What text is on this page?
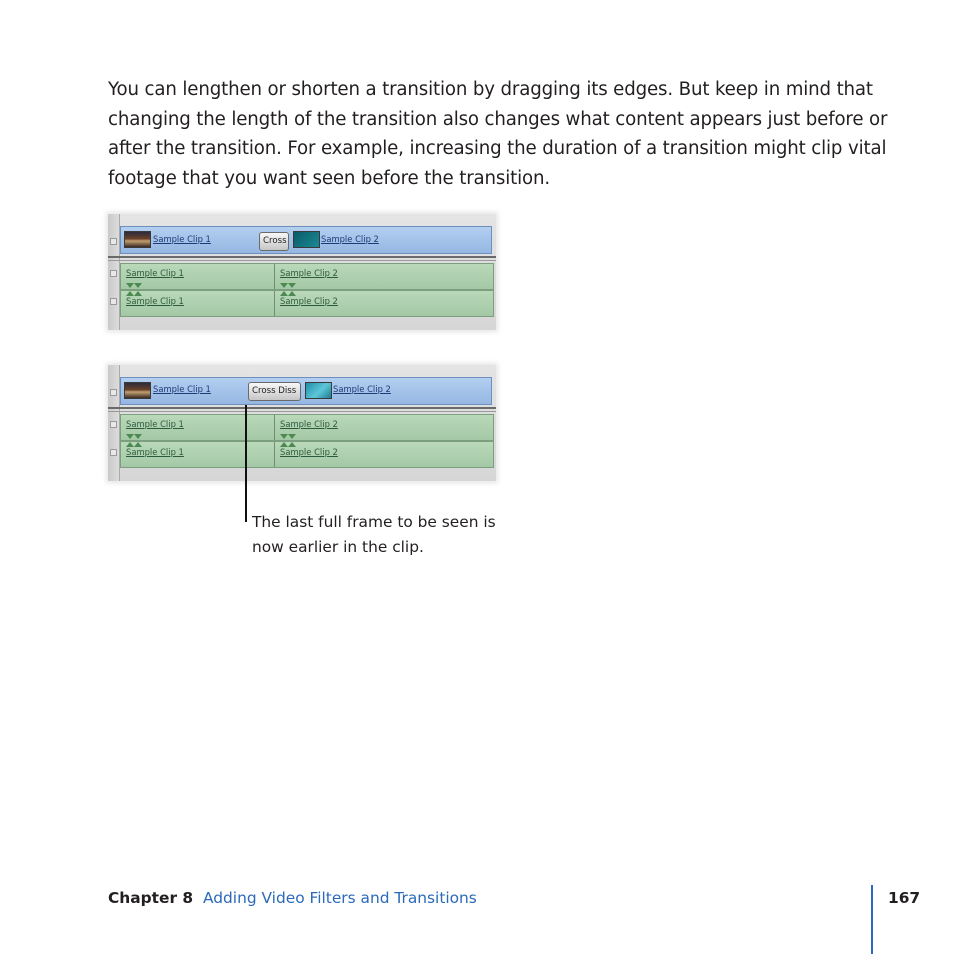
You can lengthen or shorten a transition by dragging its edges. But keep in mind that changing the length of the transition also changes what content appears just before or after the transition. For example, increasing the duration of a transition might clip vital footage that you want seen before the transition.

Sample Clip 1	Cross	Sample Clip 2
Sample Clip 1	Sample Clip 2
Sample Clip 1	Sample Clip 2
Sample Clip 1	Cross Diss	Sample Clip 2
Sample Clip 1	Sample Clip 2
Sample Clip 1	Sample Clip 2

The last full frame to be seen is now earlier in the clip.

Chapter 8 Adding Video Filters and Transitions	167
